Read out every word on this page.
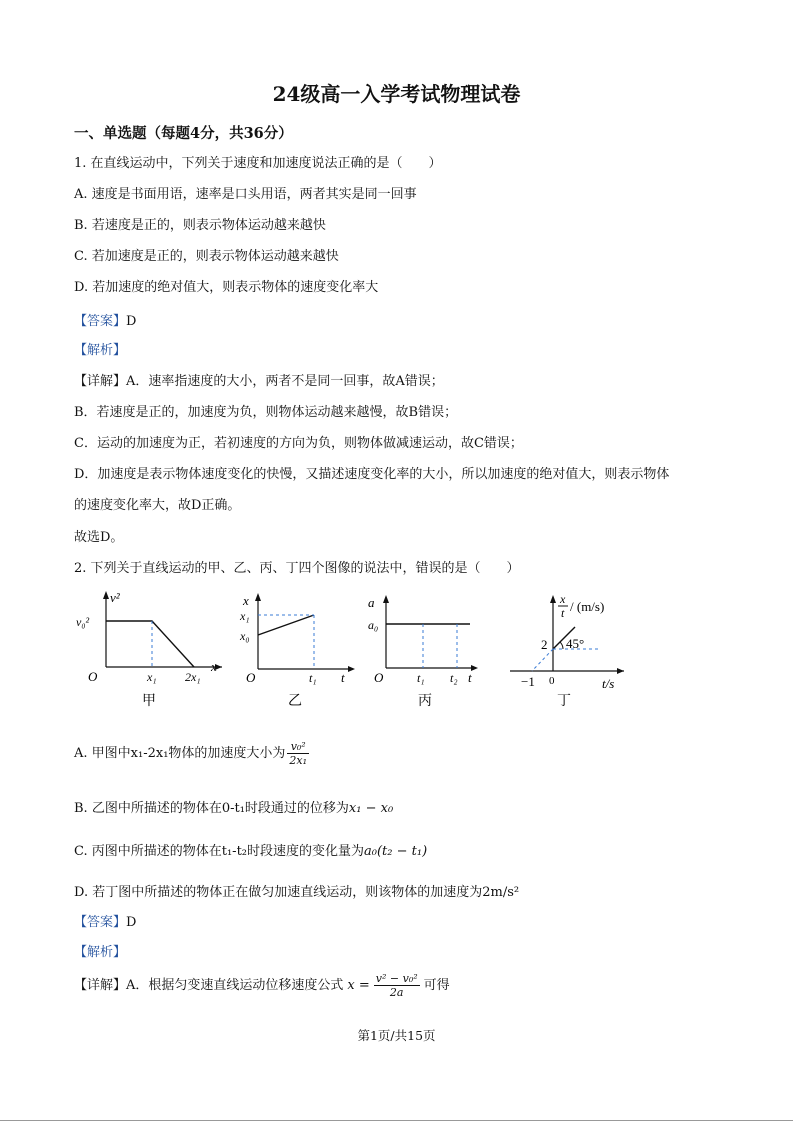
24级高一入学考试物理试卷
一、单选题（每题4分，共36分）
1. 在直线运动中，下列关于速度和加速度说法正确的是（　　）
A. 速度是书面用语，速率是口头用语，两者其实是同一回事
B. 若速度是正的，则表示物体运动越来越快
C. 若加速度是正的，则表示物体运动越来越快
D. 若加速度的绝对值大，则表示物体的速度变化率大
【答案】D
【解析】
【详解】A．速率指速度的大小，两者不是同一回事，故A错误；
B．若速度是正的，加速度为负，则物体运动越来越慢，故B错误；
C．运动的加速度为正，若初速度的方向为负，则物体做减速运动，故C错误；
D．加速度是表示物体速度变化的快慢，又描述速度变化率的大小，所以加速度的绝对值大，则表示物体
的速度变化率大，故D正确。
故选D。
2. 下列关于直线运动的甲、乙、丙、丁四个图像的说法中，错误的是（　　）
v²
v₀²
O
x
x₁ 2x₁
甲
x
x₁
x₀
O	t₁ t
乙
a
a₀
O	t₁ t₂ t
丙
x
t / (m/s)
2 45°
−1 0	t/s
丁
A. 甲图中x₁-2x₁物体的加速度大小为 $\frac{\text{v₀²}}{\text{2x₁}}$
B. 乙图中所描述的物体在0-t₁时段通过的位移为x₁ − x₀
C. 丙图中所描述的物体在t₁-t₂时段速度的变化量为a₀(t₂ − t₁)
D. 若丁图中所描述的物体正在做匀加速直线运动，则该物体的加速度为2m/s²
【答案】D
【解析】
【详解】A．根据匀变速直线运动位移速度公式 $x = \frac{\text{v² − v₀²}}{2a}$ 可得
第1页/共15页
